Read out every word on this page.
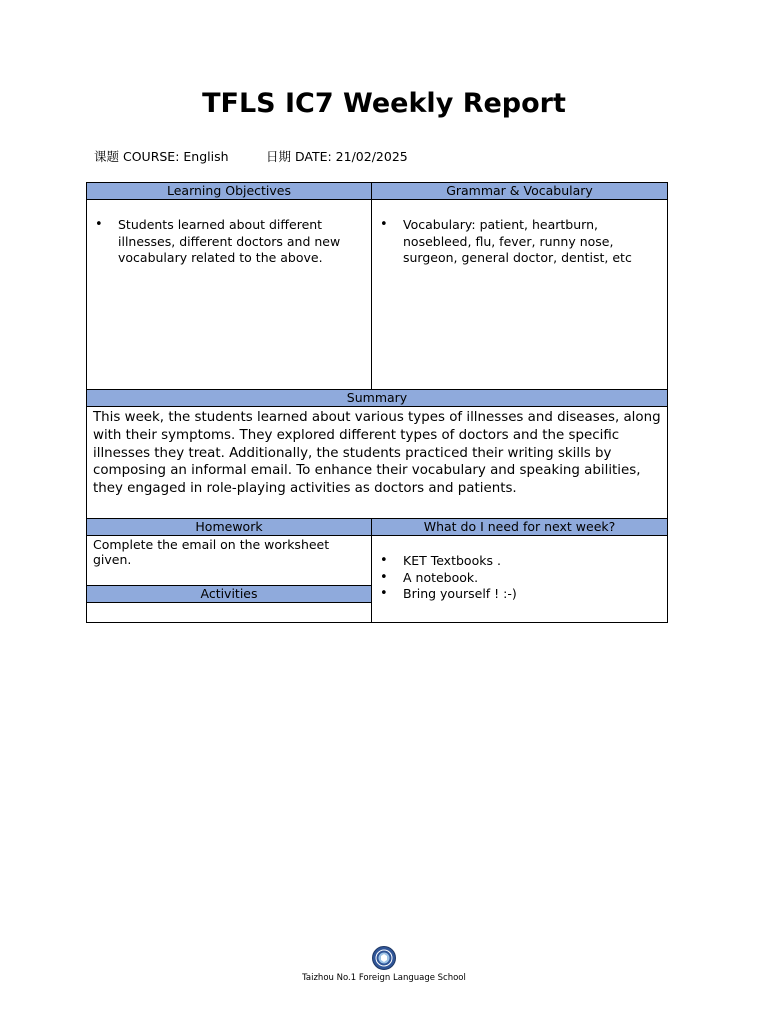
TFLS IC7 Weekly Report
课题 COURSE: English	日期 DATE: 21/02/2025
Learning Objectives	Grammar & Vocabulary
• Students learned about different illnesses, different doctors and new vocabulary related to the above.
• Vocabulary: patient, heartburn, nosebleed, flu, fever, runny nose, surgeon, general doctor, dentist, etc
Summary
This week, the students learned about various types of illnesses and diseases, along with their symptoms. They explored different types of doctors and the specific illnesses they treat. Additionally, the students practiced their writing skills by composing an informal email. To enhance their vocabulary and speaking abilities, they engaged in role-playing activities as doctors and patients.
Homework	What do I need for next week?
Complete the email on the worksheet given.
Activities
• KET Textbooks .
• A notebook.
• Bring yourself ! :-)
Taizhou No.1 Foreign Language School
